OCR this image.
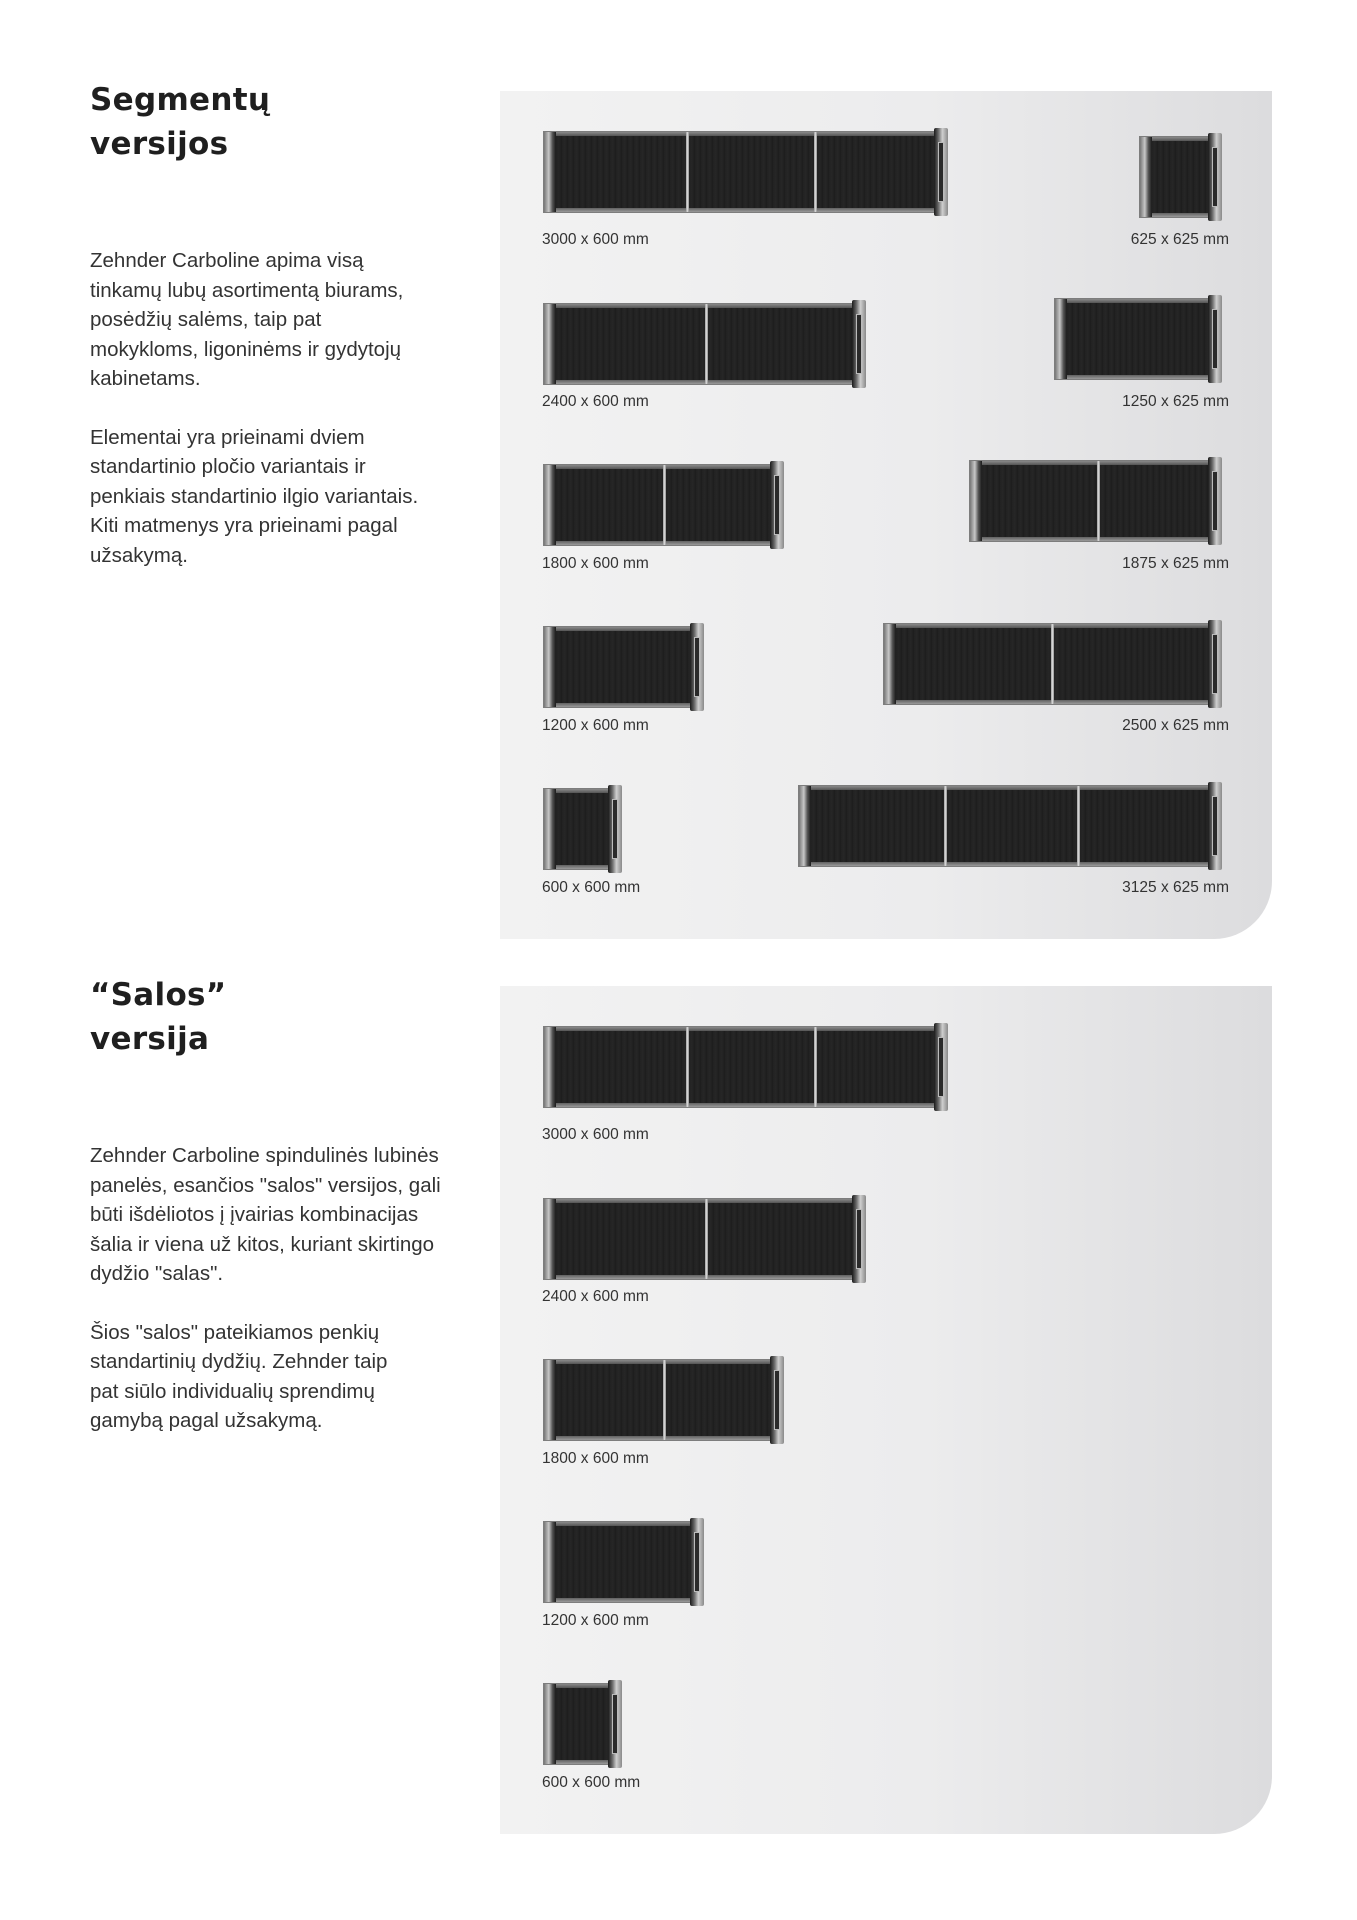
Segmentų
versijos

Zehnder Carboline apima visą
tinkamų lubų asortimentą biurams,
posėdžių salėms, taip pat
mokykloms, ligoninėms ir gydytojų
kabinetams.

Elementai yra prieinami dviem
standartinio pločio variantais ir
penkiais standartinio ilgio variantais.
Kiti matmenys yra prieinami pagal
užsakymą.

3000 x 600 mm
2400 x 600 mm
1800 x 600 mm
1200 x 600 mm
600 x 600 mm
625 x 625 mm
1250 x 625 mm
1875 x 625 mm
2500 x 625 mm
3125 x 625 mm
“Salos”
versija

Zehnder Carboline spindulinės lubinės
panelės, esančios "salos" versijos, gali
būti išdėliotos į įvairias kombinacijas
šalia ir viena už kitos, kuriant skirtingo
dydžio "salas".

Šios "salos" pateikiamos penkių
standartinių dydžių. Zehnder taip
pat siūlo individualių sprendimų
gamybą pagal užsakymą.

3000 x 600 mm
2400 x 600 mm
1800 x 600 mm
1200 x 600 mm
600 x 600 mm
